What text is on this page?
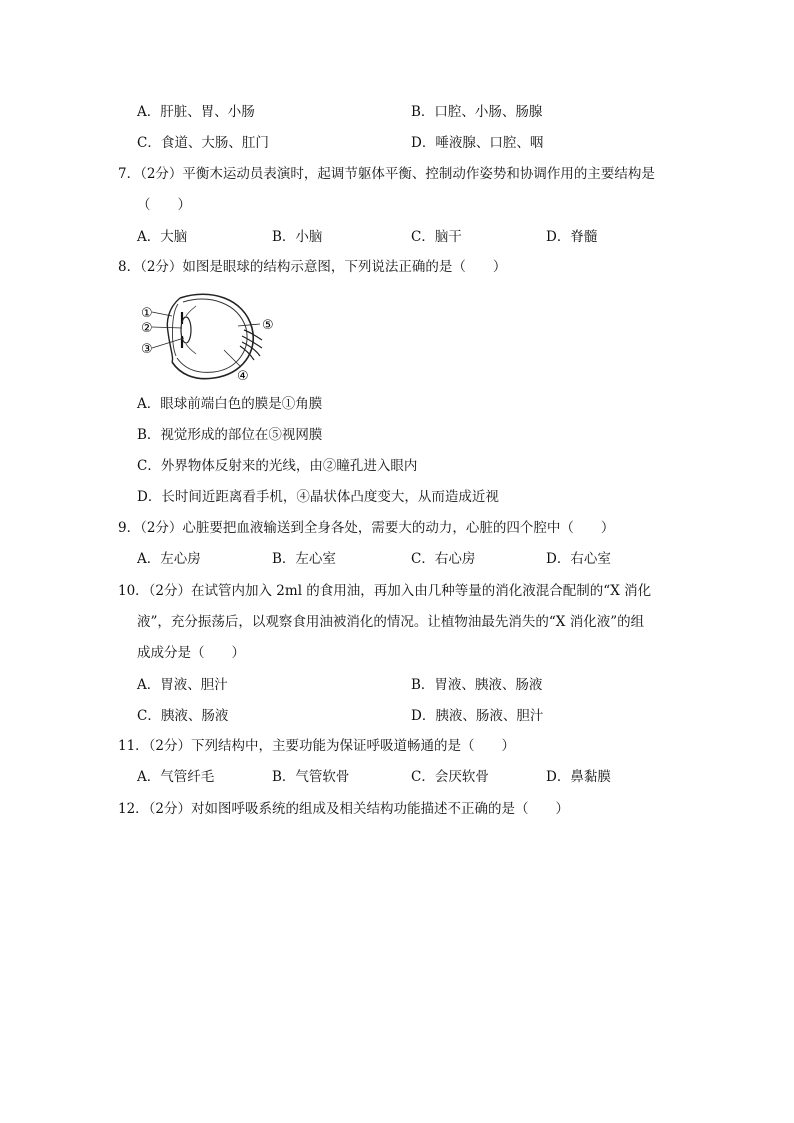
A．肝脏、胃、小肠	B．口腔、小肠、肠腺
C．食道、大肠、肛门	D．唾液腺、口腔、咽
7．（2分）平衡木运动员表演时，起调节躯体平衡、控制动作姿势和协调作用的主要结构是
（　　）
A．大脑	B．小脑	C．脑干	D．脊髓
8．（2分）如图是眼球的结构示意图，下列说法正确的是（　　）
①
②
③
⑤
④
A．眼球前端白色的膜是①角膜
B．视觉形成的部位在⑤视网膜
C．外界物体反射来的光线，由②瞳孔进入眼内
D．长时间近距离看手机，④晶状体凸度变大，从而造成近视
9．（2分）心脏要把血液输送到全身各处，需要大的动力，心脏的四个腔中（　　）
A．左心房	B．左心室	C．右心房	D．右心室
10．（2分）在试管内加入 2ml 的食用油，再加入由几种等量的消化液混合配制的“X 消化
液”，充分振荡后，以观察食用油被消化的情况。让植物油最先消失的“X 消化液”的组
成成分是（　　）
A．胃液、胆汁	B．胃液、胰液、肠液
C．胰液、肠液	D．胰液、肠液、胆汁
11．（2分）下列结构中，主要功能为保证呼吸道畅通的是（　　）
A．气管纤毛	B．气管软骨	C．会厌软骨	D．鼻黏膜
12．（2分）对如图呼吸系统的组成及相关结构功能描述不正确的是（　　）
